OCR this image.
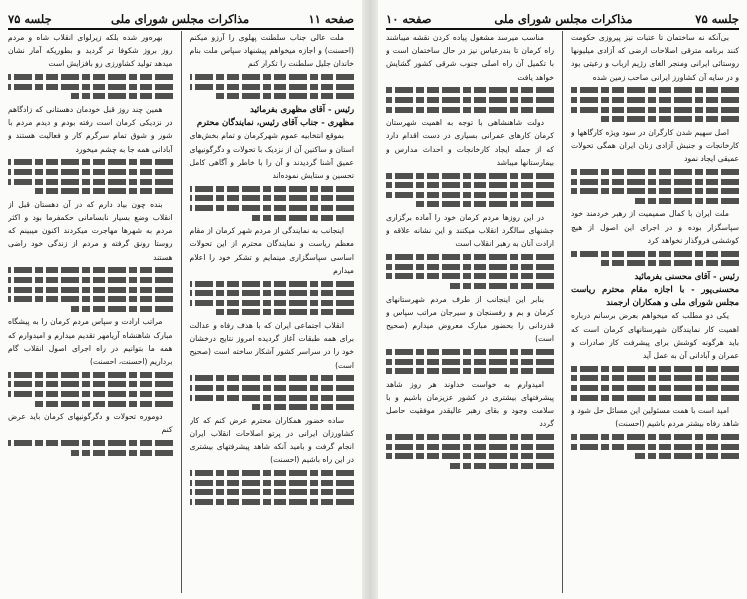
صفحه ۱۱
مذاکرات مجلس شورای ملی
جلسه ۷۵

ملت عالی جناب سلطنت پهلوی را آرزو میکنم (احسنت) و اجازه میخواهم پیشنهاد سپاس ملت بنام خاندان جلیل سلطنت را تکرار کنم

رئیس - آقای مظهری بفرمائید

مظهری - جناب آقای رئیس، نمایندگان محترم

بموقع انتخابیه عموم شهرکرمان و تمام بخش‌های استان و ساکنین آن از نزدیک با تحولات و دگرگونیهای عمیق آشنا گردیدند و آن را با خاطر و آگاهی کامل تحسین و ستایش نموده‌اند

اینجانب به نمایندگی از مردم شهر کرمان از مقام معظم ریاست و نمایندگان محترم از این تحولات اساسی سپاسگزاری مینمایم و تشکر خود را اعلام میدارم

انقلاب اجتماعی ایران که با هدف رفاه و عدالت برای همه طبقات آغاز گردیده امروز نتایج درخشان خود را در سراسر کشور آشکار ساخته است (صحیح است)

ساده خضور همکاران محترم عرض کنم که کار کشاورزان ایرانی در پرتو اصلاحات انقلاب ایران انجام گرفت و بامید آنکه شاهد پیشرفتهای بیشتری در این راه باشیم (احسنت)

بهره‌ور شده بلکه زیرلوای انقلاب شاه و مردم روز بروز شکوفا تر گردید و بطوریکه آمار نشان میدهد تولید کشاورزی رو بافزایش است

همین چند روز قبل خودمان دهستانی که زادگاهم در نزدیکی کرمان است رفته بودم و دیدم مردم با شور و شوق تمام سرگرم کار و فعالیت هستند و آبادانی همه جا به چشم میخورد

بنده چون بیاد دارم که در آن دهستان قبل از انقلاب وضع بسیار نابسامانی حکمفرما بود و اکثر مردم به شهرها مهاجرت میکردند اکنون میبینم که روستا رونق گرفته و مردم از زندگی خود راضی هستند

مراتب ارادت و سپاس مردم کرمان را به پیشگاه مبارک شاهنشاه آریامهر تقدیم میدارم و امیدوارم که همه ما بتوانیم در راه اجرای اصول انقلاب گام برداریم (احسنت، احسنت)

دوموره تحولات و دگرگونیهای کرمان باید عرض کنم

جلسه ۷۵
مذاکرات مجلس شورای ملی
صفحه ۱۰

بی‌آنکه نه ساختمان تا عتبات نیز پیروزی حکومت کنند برنامه مترقی اصلاحات ارضی که آزادی میلیونها روستائی ایرانی ومنجر الغای رژیم ارباب و رعیتی بود و در سایه آن کشاورز ایرانی صاحب زمین شده

اصل سهیم شدن کارگران در سود ویژه کارگاهها و کارخانجات و جنبش آزادی زنان ایران همگی تحولات عمیقی ایجاد نمود

ملت ایران با کمال صمیمیت از رهبر خردمند خود سپاسگزار بوده و در اجرای این اصول از هیچ کوششی فروگذار نخواهد کرد

رئیس - آقای محسنی بفرمائید

محسنی‌پور - با اجازه مقام محترم ریاست مجلس شورای ملی و همکاران ارجمند

یکی دو مطلب که میخواهم بعرض برسانم درباره اهمیت کار نمایندگان شهرستانهای کرمان است که باید هرگونه کوشش برای پیشرفت کار صادرات و عمران و آبادانی آن به عمل آید

امید است با همت مسئولین این مسائل حل شود و شاهد رفاه بیشتر مردم باشیم (احسنت)

مناسب میرسد مشغول پیاده کردن نقشه میباشند راه کرمان تا بندرعباس نیز در حال ساختمان است و با تکمیل آن راه اصلی جنوب شرقی کشور گشایش خواهد یافت

دولت شاهنشاهی با توجه به اهمیت شهرستان کرمان کارهای عمرانی بسیاری در دست اقدام دارد که از جمله ایجاد کارخانجات و احداث مدارس و بیمارستانها میباشد

در این روزها مردم کرمان خود را آماده برگزاری جشنهای سالگرد انقلاب میکنند و این نشانه علاقه و ارادت آنان به رهبر انقلاب است

بنابر این اینجانب از طرف مردم شهرستانهای کرمان و بم و رفسنجان و سیرجان مراتب سپاس و قدردانی را بحضور مبارک معروض میدارم (صحیح است)

امیدوارم به خواست خداوند هر روز شاهد پیشرفتهای بیشتری در کشور عزیزمان باشیم و با سلامت وجود و بقای رهبر عالیقدر موفقیت حاصل گردد
